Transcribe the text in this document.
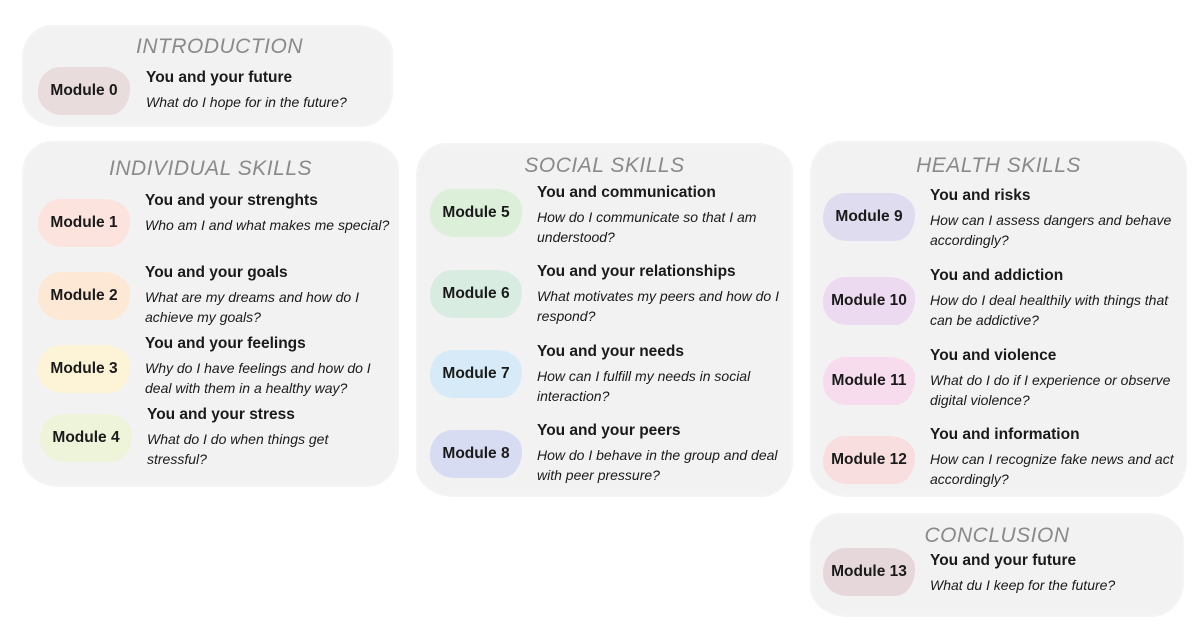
INTRODUCTION
INDIVIDUAL SKILLS	SOCIAL SKILLS	HEALTH SKILLS
CONCLUSION
Module 0
You and your future
What do I hope for in the future?
Module 1
You and your strenghts
Who am I and what makes me special?
Module 2
You and your goals
What are my dreams and how do I achieve my goals?
Module 3
You and your feelings
Why do I have feelings and how do I deal with them in a healthy way?
Module 4
You and your stress
What do I do when things get stressful?
Module 5
You and communication
How do I communicate so that I am understood?
Module 6
You and your relationships
What motivates my peers and how do I respond?
Module 7
You and your needs
How can I fulfill my needs in social interaction?
Module 8
You and your peers
How do I behave in the group and deal with peer pressure?
Module 9
You and risks
How can I assess dangers and behave accordingly?
Module 10
You and addiction
How do I deal healthily with things that can be addictive?
Module 11
You and violence
What do I do if I experience or observe digital violence?
Module 12
You and information
How can I recognize fake news and act accordingly?
Module 13
You and your future
What du I keep for the future?
